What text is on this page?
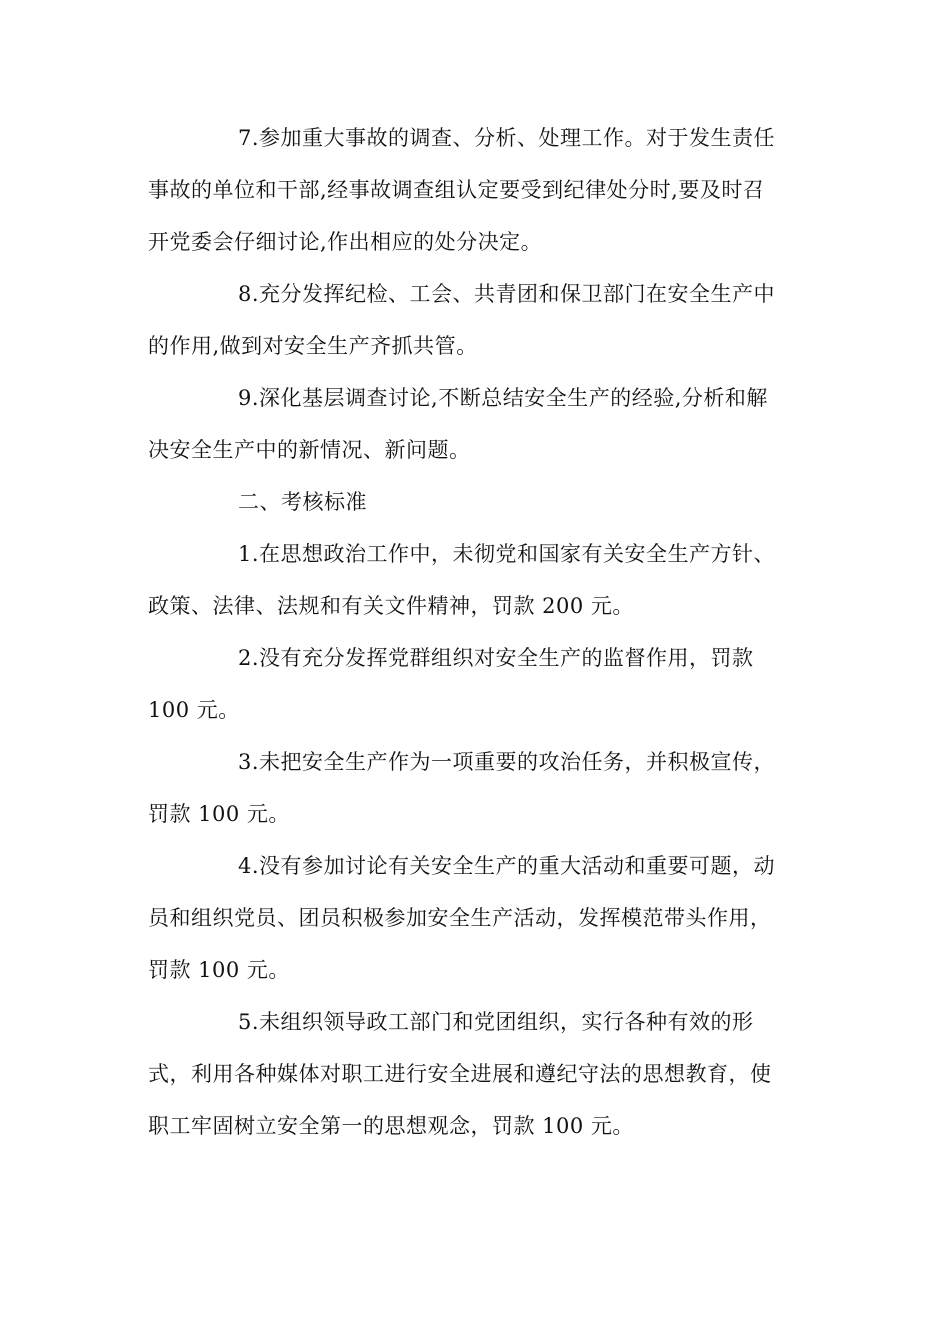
7.参加重大事故的调查、分析、处理工作。对于发生责任
事故的单位和干部,经事故调查组认定要受到纪律处分时,要及时召
开党委会仔细讨论,作出相应的处分决定。

8.充分发挥纪检、工会、共青团和保卫部门在安全生产中
的作用,做到对安全生产齐抓共管。

9.深化基层调查讨论,不断总结安全生产的经验,分析和解
决安全生产中的新情况、新问题。

二、考核标准

1.在思想政治工作中，未彻党和国家有关安全生产方针、
政策、法律、法规和有关文件精神，罚款 200 元。

2.没有充分发挥党群组织对安全生产的监督作用，罚款
100 元。

3.未把安全生产作为一项重要的攻治任务，并积极宣传，
罚款 100 元。

4.没有参加讨论有关安全生产的重大活动和重要可题，动
员和组织党员、团员积极参加安全生产活动，发挥模范带头作用，
罚款 100 元。

5.未组织领导政工部门和党团组织，实行各种有效的形
式，利用各种媒体对职工进行安全进展和遵纪守法的思想教育，使
职工牢固树立安全第一的思想观念，罚款 100 元。
